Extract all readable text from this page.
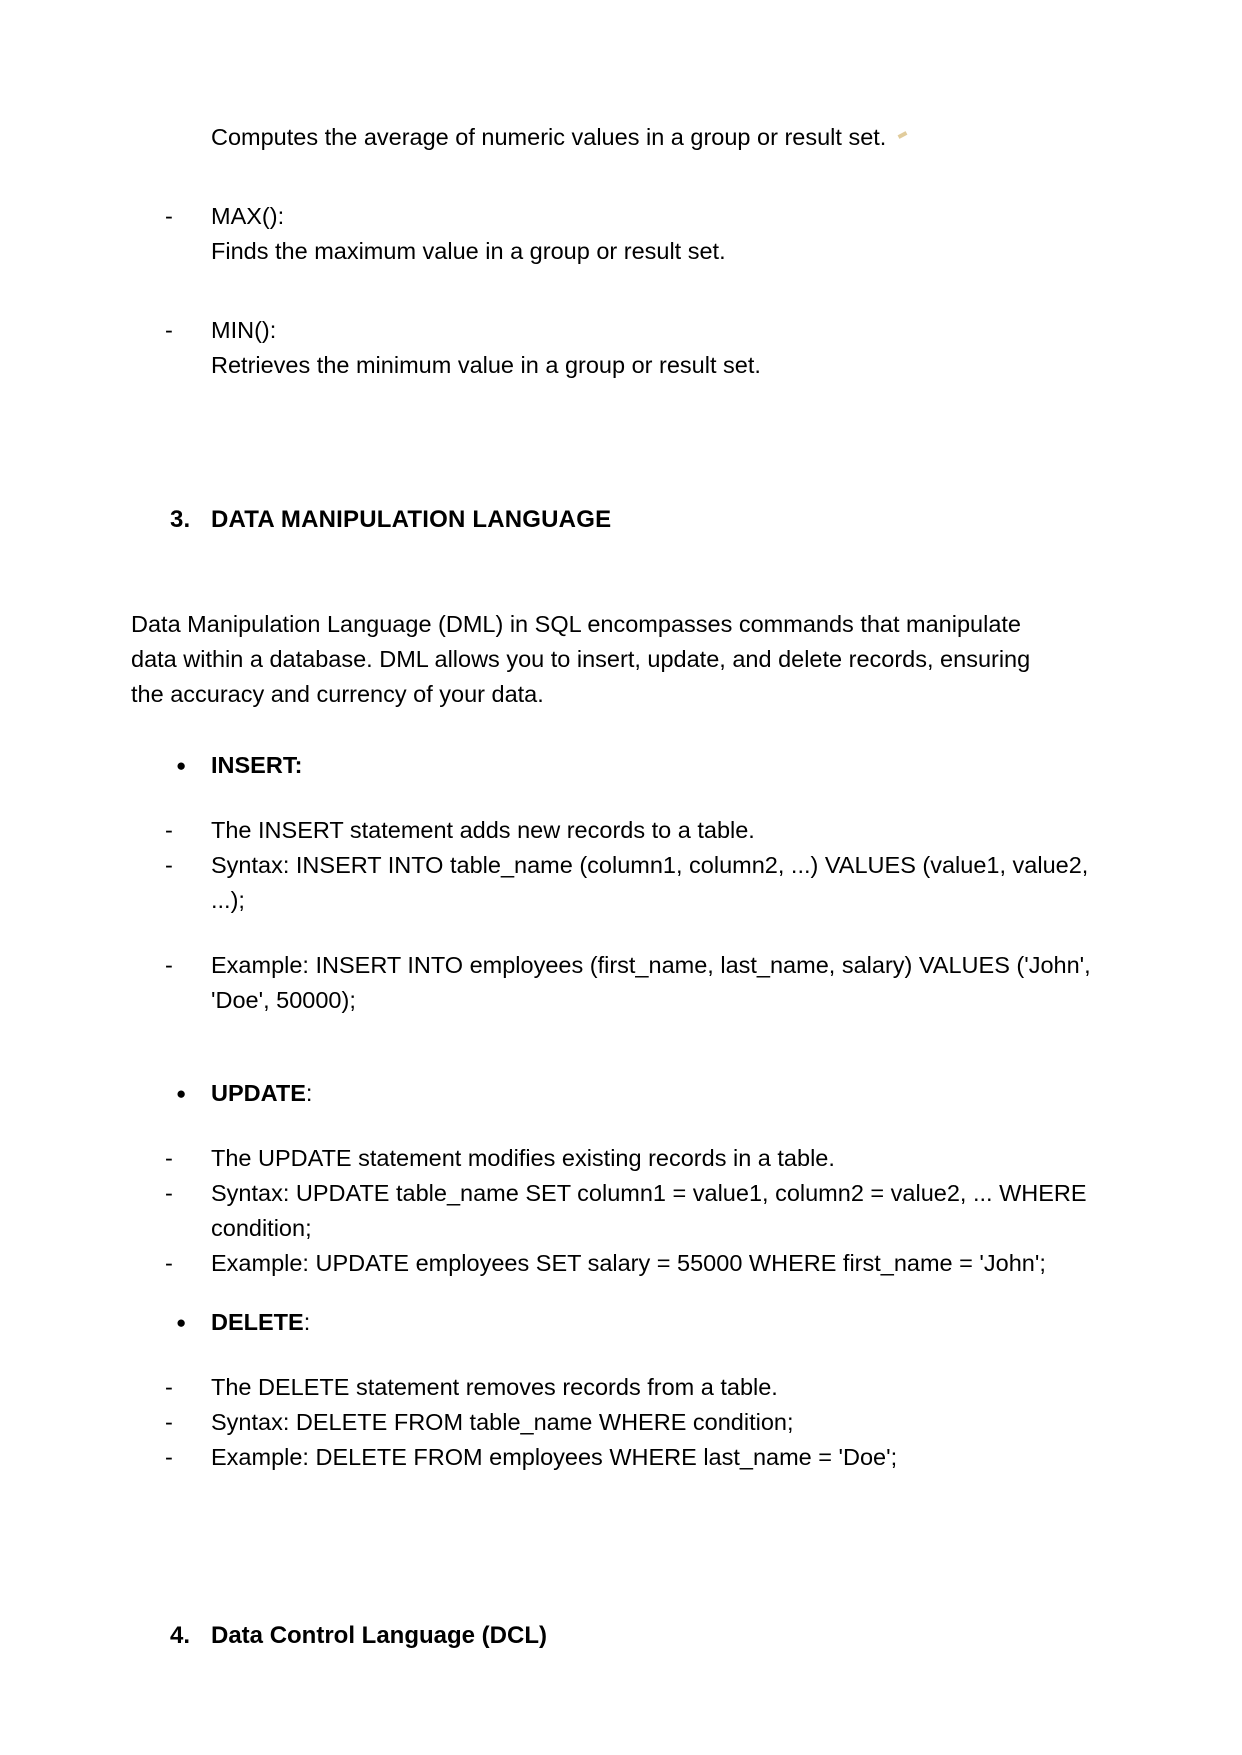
Computes the average of numeric values in a group or result set.

- MAX():

Finds the maximum value in a group or result set.

- MIN():

Retrieves the minimum value in a group or result set.

3. DATA MANIPULATION LANGUAGE

Data Manipulation Language (DML) in SQL encompasses commands that manipulate data within a database. DML allows you to insert, update, and delete records, ensuring the accuracy and currency of your data.

● INSERT:
- The INSERT statement adds new records to a table.
- Syntax: INSERT INTO table_name (column1, column2, ...) VALUES (value1, value2, ...);
- Example: INSERT INTO employees (first_name, last_name, salary) VALUES ('John', 'Doe', 50000);
● UPDATE:
- The UPDATE statement modifies existing records in a table.
- Syntax: UPDATE table_name SET column1 = value1, column2 = value2, ... WHERE condition;
- Example: UPDATE employees SET salary = 55000 WHERE first_name = 'John';
● DELETE:
- The DELETE statement removes records from a table.
- Syntax: DELETE FROM table_name WHERE condition;
- Example: DELETE FROM employees WHERE last_name = 'Doe';
4. Data Control Language (DCL)
